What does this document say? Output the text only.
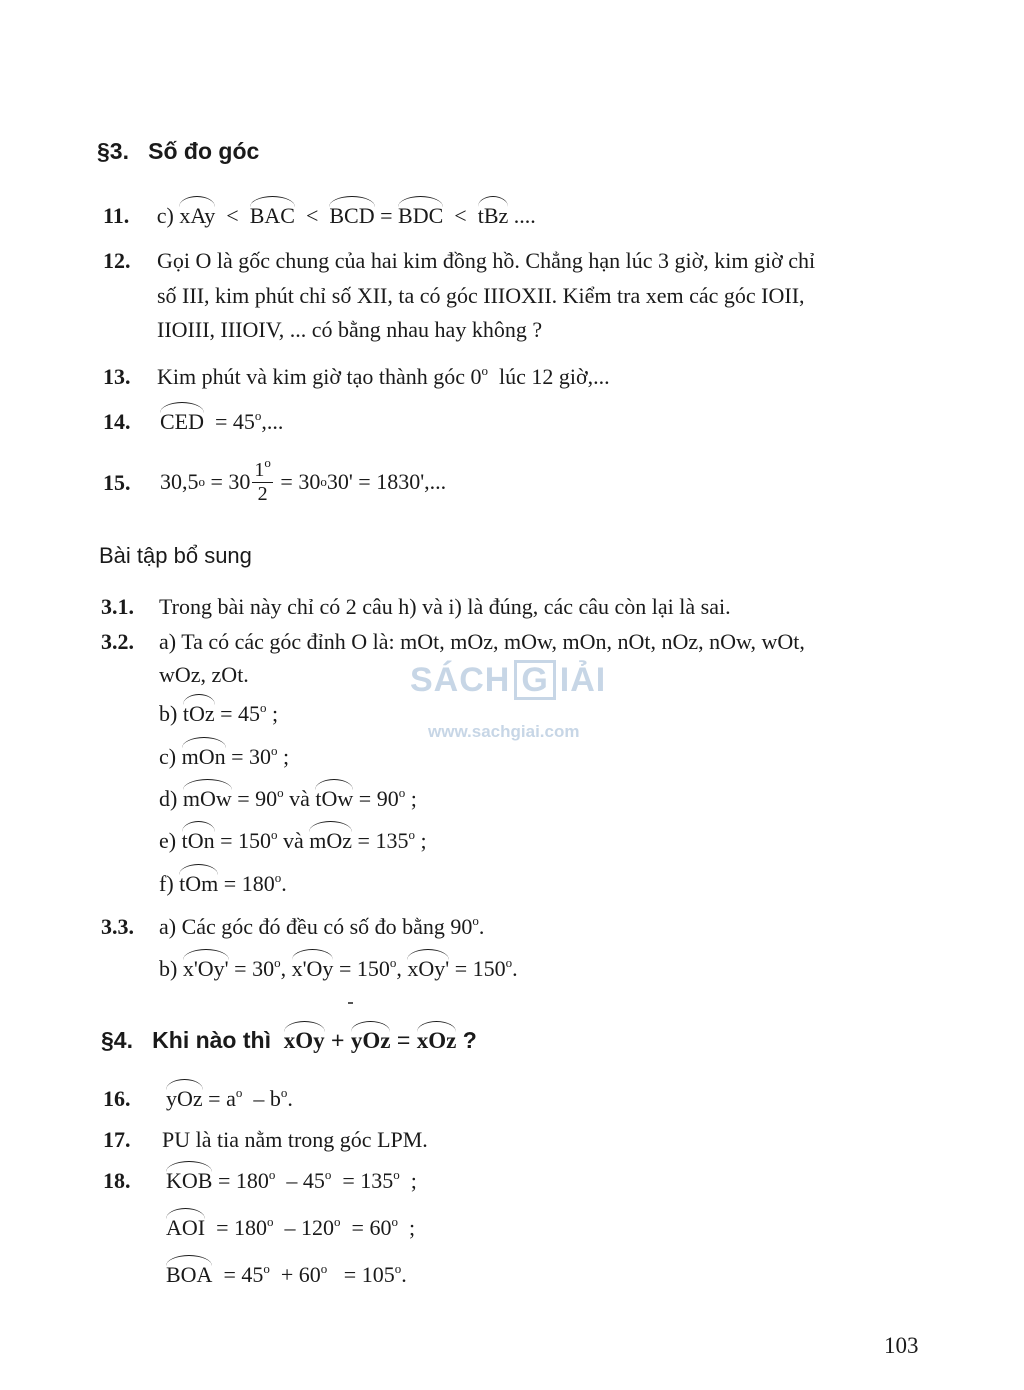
§3. Số đo góc
11. c) xAy < BAC < BCD = BDC < tBz ....
12. Gọi O là gốc chung của hai kim đồng hồ. Chẳng hạn lúc 3 giờ, kim giờ chỉ
số III, kim phút chỉ số XII, ta có góc IIIOXII. Kiểm tra xem các góc IOII,
IIOIII, IIIOIV, ... có bằng nhau hay không ?
13. Kim phút và kim giờ tạo thành góc 0$^o$ lúc 12 giờ,...
14. CED = $45^o$,...
15. 30,5 o
= $30 \frac{1^o}{2}$
= 30 o 30' = 1830',...
Bài tập bổ sung
3.1. Trong bài này chỉ có 2 câu h) và i) là đúng, các câu còn lại là sai.
3.2. a) Ta có các góc đỉnh O là: mOt, mOz, mOw, mOn, nOt, nOz, nOw, wOt,
wOz, zOt.
b) tOz = $45^o$ ;
c) mOn = $30^o$ ;
d) mOw = $90^o$ và tOw = $90^o$ ;
e) tOn = $150^o$ và mOz = $135^o$ ;
f) tOm = $180^o$.
3.3. a) Các góc đó đều có số đo bằng 90$^o$.
b) $x'Oy' = 30^o$, $x'Oy = 150^o$, $xOy' = 150^o$.
§4. Khi nào thì xOy + yOz = xOz ?
16. yOz = $a^o - b^o$.
17. PU là tia nằm trong góc LPM.
18. KOB = $180^o - 45^o = 135^o$ ;
AOI = $180^o - 120^o = 60^o$ ;
BOA = $45^o + 60^o = 105^o$.
SÁCH G IẢI
www.sachgiai.com
103
